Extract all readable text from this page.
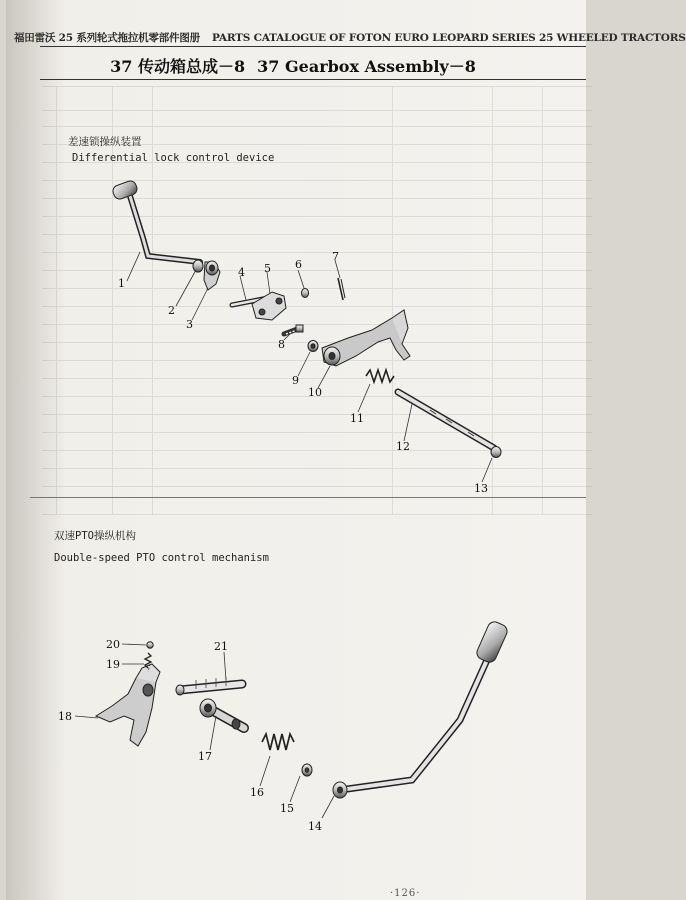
福田雷沃 25 系列轮式拖拉机零部件图册 PARTS CATALOGUE OF FOTON EURO LEOPARD SERIES 25 WHEELED TRACTORS
37 传动箱总成－8 37 Gearbox Assembly－8
差速锁操纵装置
Differential lock control device
双速PTO操纵机构
Double-speed PTO control mechanism
1
2
3
4 5 6
7
8
9
10
11
12
13
14
15
16
17
18
19
20	21
·126·
